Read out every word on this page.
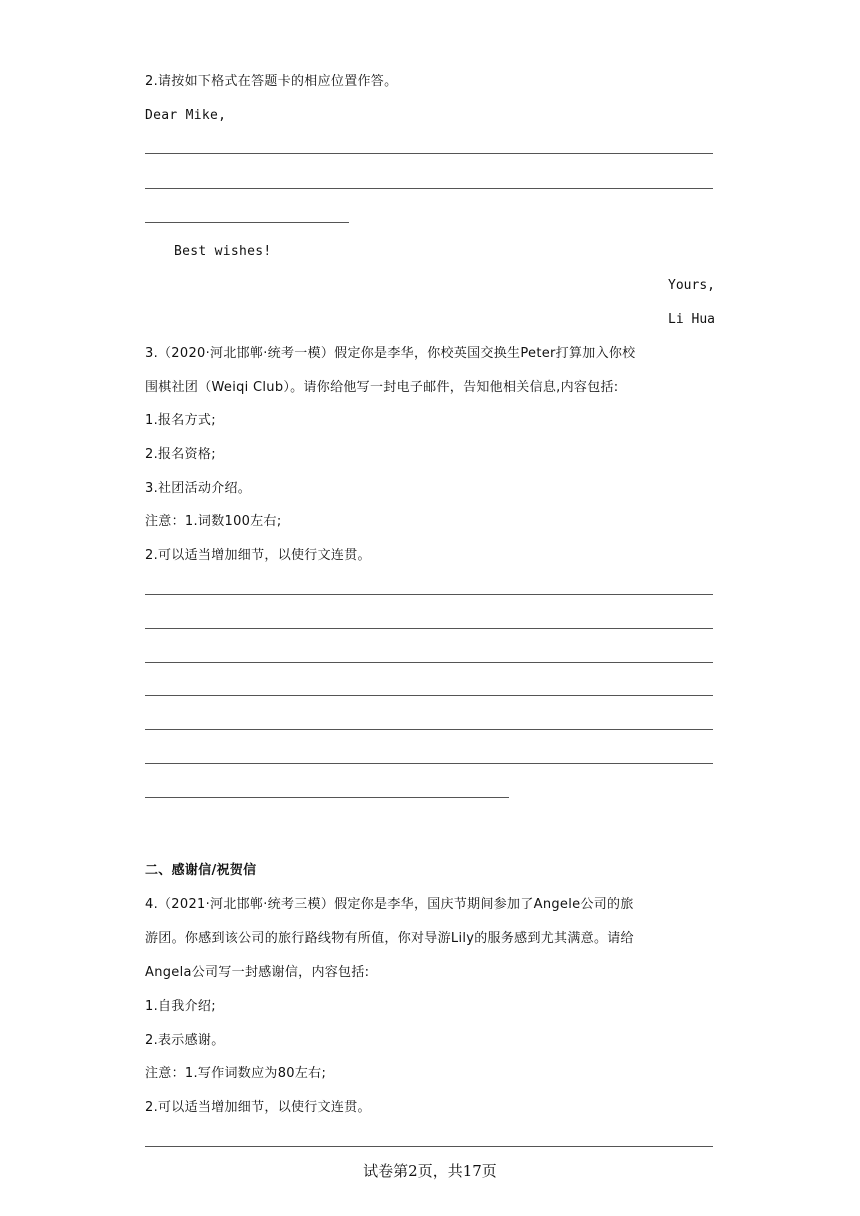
2.请按如下格式在答题卡的相应位置作答。
Dear Mike,
Best wishes!
Yours,
Li Hua
3.（2020·河北邯郸·统考一模）假定你是李华，你校英国交换生Peter打算加入你校
围棋社团（Weiqi Club）。请你给他写一封电子邮件，告知他相关信息,内容包括:
1.报名方式;
2.报名资格;
3.社团活动介绍。
注意：1.词数100左右;
2.可以适当增加细节，以使行文连贯。
二、感谢信/祝贺信
4.（2021·河北邯郸·统考三模）假定你是李华，国庆节期间参加了Angele公司的旅
游团。你感到该公司的旅行路线物有所值，你对导游Lily的服务感到尤其满意。请给
Angela公司写一封感谢信，内容包括:
1.自我介绍;
2.表示感谢。
注意：1.写作词数应为80左右;
2.可以适当增加细节，以使行文连贯。
试卷第2页，共17页
